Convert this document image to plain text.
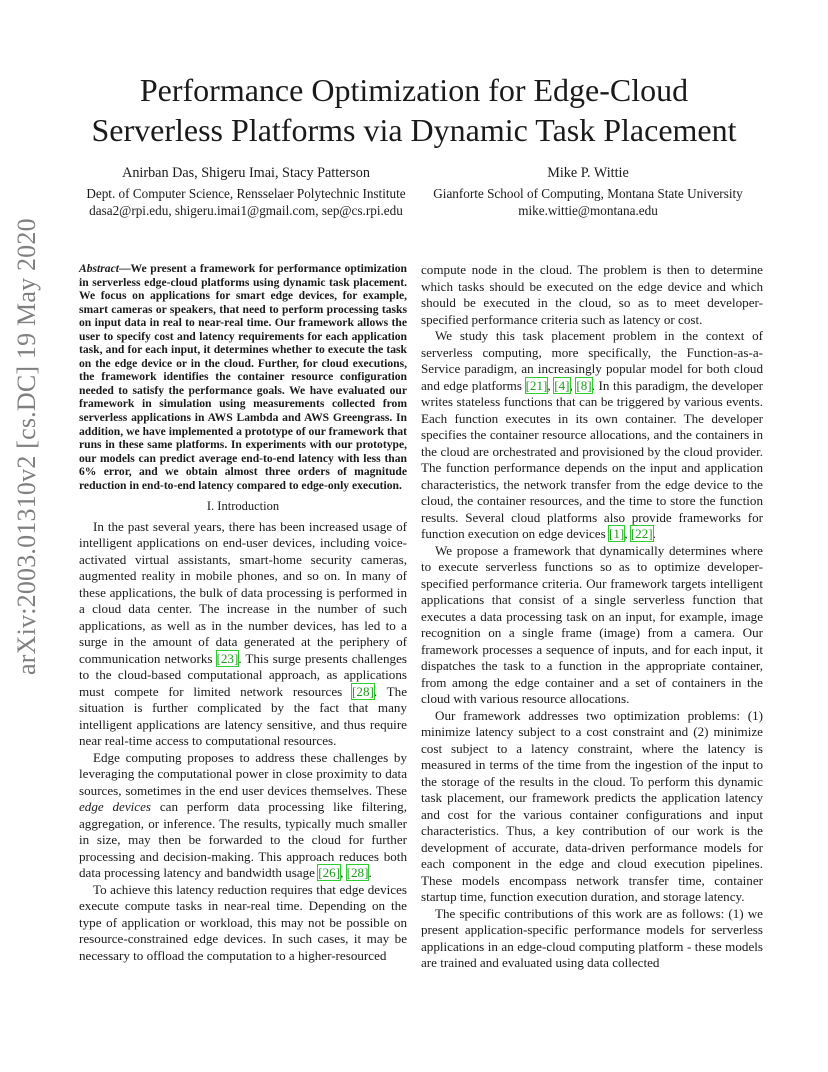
Performance Optimization for Edge-Cloud
Serverless Platforms via Dynamic Task Placement
Anirban Das, Shigeru Imai, Stacy Patterson
Dept. of Computer Science, Rensselaer Polytechnic Institute
dasa2@rpi.edu, shigeru.imai1@gmail.com, sep@cs.rpi.edu
Mike P. Wittie
Gianforte School of Computing, Montana State University
mike.wittie@montana.edu
arXiv:2003.01310v2 [cs.DC] 19 May 2020	Abstract—We present a framework for performance optimization in serverless edge-cloud platforms using dynamic task placement. We focus on applications for smart edge devices, for example, smart cameras or speakers, that need to perform processing tasks on input data in real to near-real time. Our framework allows the user to specify cost and latency requirements for each application task, and for each input, it determines whether to execute the task on the edge device or in the cloud. Further, for cloud executions, the framework identifies the container resource configuration needed to satisfy the performance goals. We have evaluated our framework in simulation using measurements collected from serverless applications in AWS Lambda and AWS Greengrass. In addition, we have implemented a prototype of our framework that runs in these same platforms. In experiments with our prototype, our models can predict average end-to-end latency with less than 6% error, and we obtain almost three orders of magnitude reduction in end-to-end latency compared to edge-only execution.

I. Introduction

In the past several years, there has been increased usage of intelligent applications on end-user devices, including voice-activated virtual assistants, smart-home security cameras, augmented reality in mobile phones, and so on. In many of these applications, the bulk of data processing is performed in a cloud data center. The increase in the number of such applications, as well as in the number devices, has led to a surge in the amount of data generated at the periphery of communication networks [23]. This surge presents challenges to the cloud-based computational approach, as applications must compete for limited network resources [28]. The situation is further complicated by the fact that many intelligent applications are latency sensitive, and thus require near real-time access to computational resources.

Edge computing proposes to address these challenges by leveraging the computational power in close proximity to data sources, sometimes in the end user devices themselves. These edge devices can perform data processing like filtering, aggregation, or inference. The results, typically much smaller in size, may then be forwarded to the cloud for further processing and decision-making. This approach reduces both data processing latency and bandwidth usage [26], [28].

To achieve this latency reduction requires that edge devices execute compute tasks in near-real time. Depending on the type of application or workload, this may not be possible on resource-constrained edge devices. In such cases, it may be necessary to offload the computation to a higher-resourced

compute node in the cloud. The problem is then to determine which tasks should be executed on the edge device and which should be executed in the cloud, so as to meet developer-specified performance criteria such as latency or cost.

We study this task placement problem in the context of serverless computing, more specifically, the Function-as-a-Service paradigm, an increasingly popular model for both cloud and edge platforms [21], [4], [8]. In this paradigm, the developer writes stateless functions that can be triggered by various events. Each function executes in its own container. The developer specifies the container resource allocations, and the containers in the cloud are orchestrated and provisioned by the cloud provider. The function performance depends on the input and application characteristics, the network transfer from the edge device to the cloud, the container resources, and the time to store the function results. Several cloud platforms also provide frameworks for function execution on edge devices [1], [22].

We propose a framework that dynamically determines where to execute serverless functions so as to optimize developer-specified performance criteria. Our framework targets intelligent applications that consist of a single serverless function that executes a data processing task on an input, for example, image recognition on a single frame (image) from a camera. Our framework processes a sequence of inputs, and for each input, it dispatches the task to a function in the appropriate container, from among the edge container and a set of containers in the cloud with various resource allocations.

Our framework addresses two optimization problems: (1) minimize latency subject to a cost constraint and (2) minimize cost subject to a latency constraint, where the latency is measured in terms of the time from the ingestion of the input to the storage of the results in the cloud. To perform this dynamic task placement, our framework predicts the application latency and cost for the various container configurations and input characteristics. Thus, a key contribution of our work is the development of accurate, data-driven performance models for each component in the edge and cloud execution pipelines. These models encompass network transfer time, container startup time, function execution duration, and storage latency.

The specific contributions of this work are as follows: (1) we present application-specific performance models for serverless applications in an edge-cloud computing platform - these models are trained and evaluated using data collected
